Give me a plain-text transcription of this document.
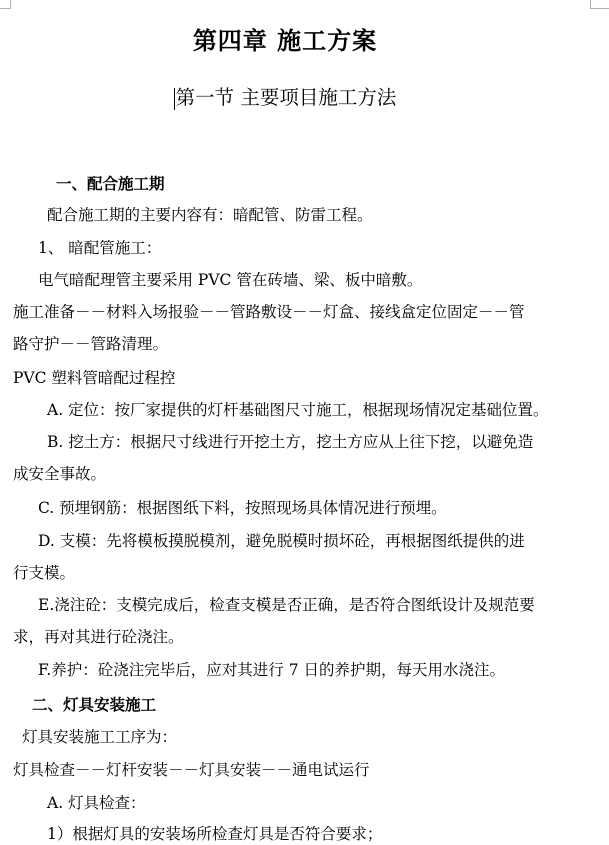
第四章 施工方案
第一节 主要项目施工方法
一、配合施工期
配合施工期的主要内容有：暗配管、防雷工程。
1、 暗配管施工：
电气暗配理管主要采用 PVC 管在砖墙、梁、板中暗敷。
施工准备－－材料入场报验－－管路敷设－－灯盒、接线盒定位固定－－管
路守护－－管路清理。
PVC 塑料管暗配过程控
A. 定位：按厂家提供的灯杆基础图尺寸施工，根据现场情况定基础位置。
B. 挖土方：根据尺寸线进行开挖土方，挖土方应从上往下挖，以避免造
成安全事故。
C. 预埋钢筋：根据图纸下料，按照现场具体情况进行预埋。
D. 支模：先将模板摸脱模剂，避免脱模时损坏砼，再根据图纸提供的进
行支模。
E.浇注砼：支模完成后，检查支模是否正确，是否符合图纸设计及规范要
求，再对其进行砼浇注。
F.养护：砼浇注完毕后，应对其进行 7 日的养护期，每天用水浇注。
二、灯具安装施工
灯具安装施工工序为：
灯具检查－－灯杆安装－－灯具安装－－通电试运行
A. 灯具检查：
1）根据灯具的安装场所检查灯具是否符合要求；
